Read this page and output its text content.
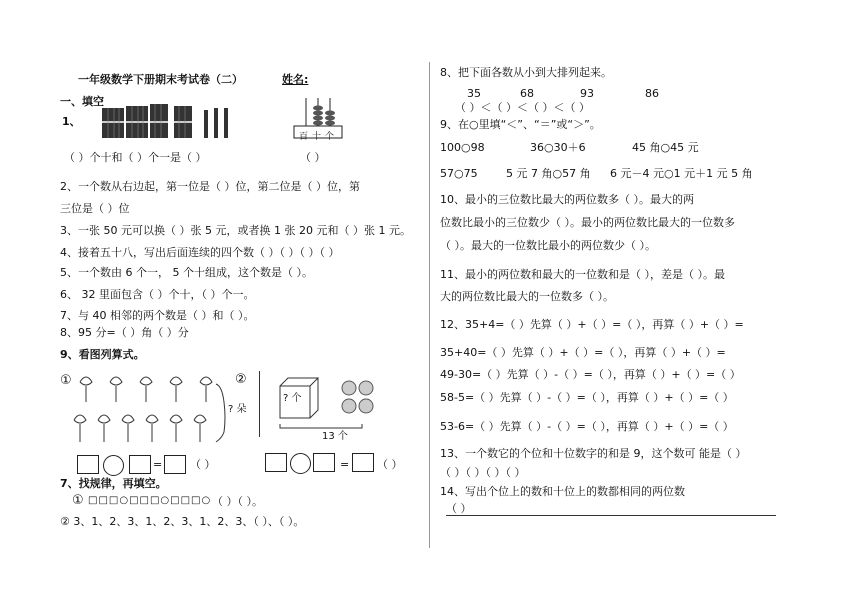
一年级数学下册期末考试卷（二）	姓名:
一、填空
1、
百 十 个
（ ）个十和（ ）个一是（ ）	（ ）
2、一个数从右边起，第一位是（ ）位，第二位是（ ）位，第
三位是（ ）位
3、一张 50 元可以换（ ）张 5 元，或者换 1 张 20 元和（ ）张 1 元。
4、接着五十八，写出后面连续的四个数（ ）（ ）（ ）（ ）
5、一个数由 6 个一， 5 个十组成，这个数是（ ）。
6、 32 里面包含（ ）个十，（ ）个一。
7、与 40 相邻的两个数是（ ）和（ ）。
8、95 分=（ ）角（ ）分
9、看图列算式。
①
? 朵
②
? 个
13 个
=	（ ）	=	（ ）
7、找规律，再填空。
① □□□○□□□○□□□○ （ ）（ ）。
② 3、1、2、3、1、2、3、1、2、3、（ ）、（ ）。
8、把下面各数从小到大排列起来。
35	68	93	86
（ ）＜（ ）＜（ ）＜（ ）
9、在○里填“＜”、“＝”或“＞”。
100○98	36○30＋6	45 角○45 元
57○75	5 元 7 角○57 角 6 元－4 元○1 元＋1 元 5 角
10、最小的三位数比最大的两位数多（ ）。最大的两
位数比最小的三位数少（ ）。最小的两位数比最大的一位数多
（ ）。最大的一位数比最小的两位数少（ ）。
11、最小的两位数和最大的一位数和是（ ），差是（ ）。最
大的两位数比最大的一位数多（ ）。
12、35+4=（ ）先算（ ）+（ ）=（ ），再算（ ）+（ ）=
35+40=（ ）先算（ ）+（ ）=（ ），再算（ ）+（ ）=
49-30=（ ）先算（ ）-（ ）=（ ），再算（ ）+（ ）=（ ）
58-5=（ ）先算（ ）-（ ）=（ ），再算（ ）+（ ）=（ ）
53-6=（ ）先算（ ）-（ ）=（ ），再算（ ）+（ ）=（ ）
13、一个数它的个位和十位数字的和是 9，这个数可 能是（ ）
（ ）（ ）（ ）（ ）
14、写出个位上的数和十位上的数都相同的两位数
（ ）
